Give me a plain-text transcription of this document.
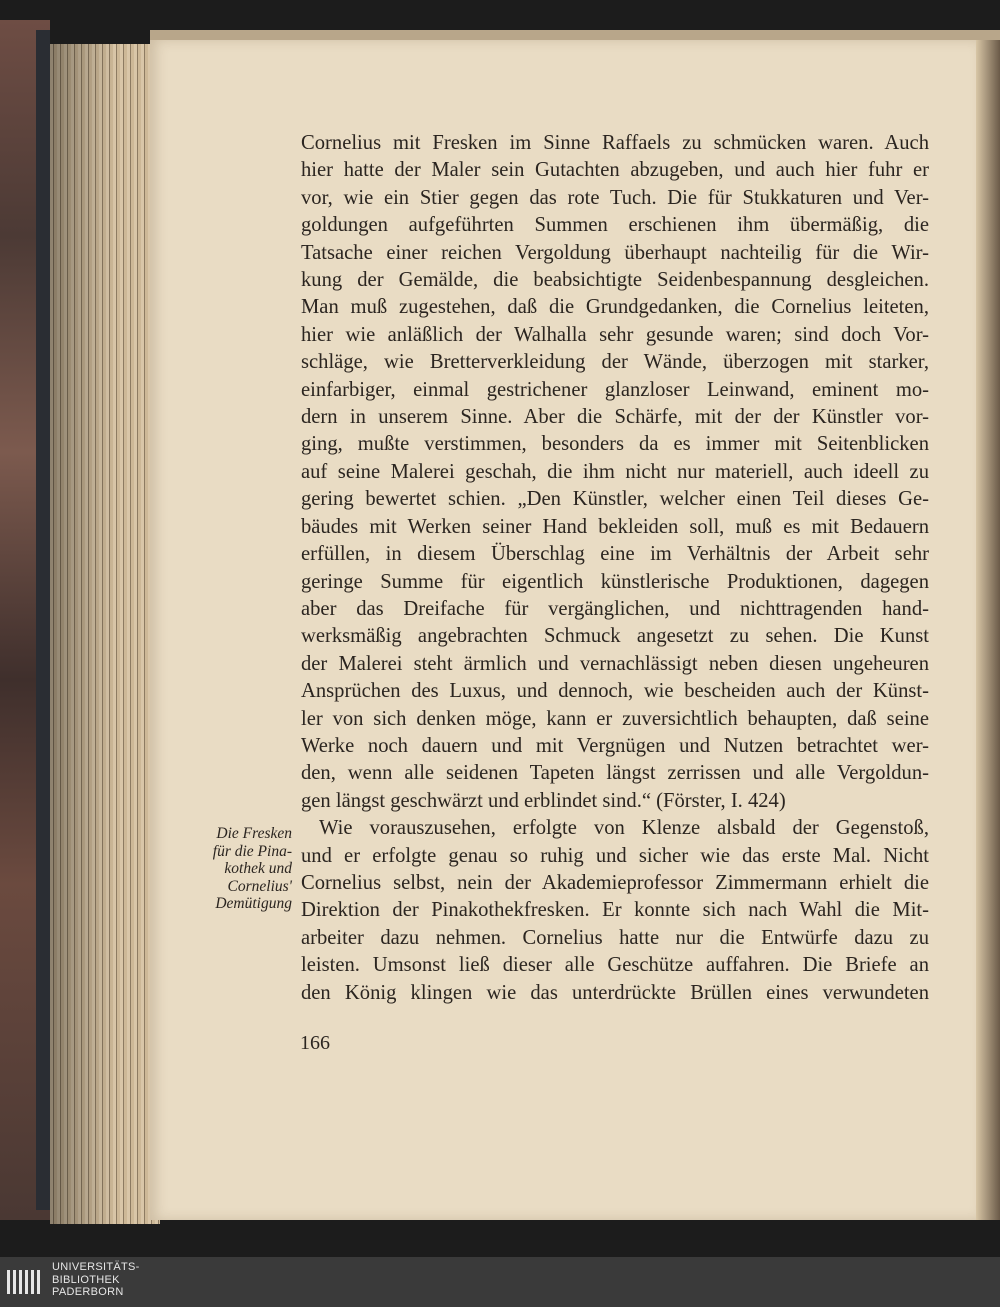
Cornelius mit Fresken im Sinne Raffaels zu schmücken waren. Auch
hier hatte der Maler sein Gutachten abzugeben, und auch hier fuhr er
vor, wie ein Stier gegen das rote Tuch. Die für Stukkaturen und Ver-
goldungen aufgeführten Summen erschienen ihm übermäßig, die
Tatsache einer reichen Vergoldung überhaupt nachteilig für die Wir-
kung der Gemälde, die beabsichtigte Seidenbespannung desgleichen.
Man muß zugestehen, daß die Grundgedanken, die Cornelius leiteten,
hier wie anläßlich der Walhalla sehr gesunde waren; sind doch Vor-
schläge, wie Bretterverkleidung der Wände, überzogen mit starker,
einfarbiger, einmal gestrichener glanzloser Leinwand, eminent mo-
dern in unserem Sinne. Aber die Schärfe, mit der der Künstler vor-
ging, mußte verstimmen, besonders da es immer mit Seitenblicken
auf seine Malerei geschah, die ihm nicht nur materiell, auch ideell zu
gering bewertet schien. „Den Künstler, welcher einen Teil dieses Ge-
bäudes mit Werken seiner Hand bekleiden soll, muß es mit Bedauern
erfüllen, in diesem Überschlag eine im Verhältnis der Arbeit sehr
geringe Summe für eigentlich künstlerische Produktionen, dagegen
aber das Dreifache für vergänglichen, und nichttragenden hand-
werksmäßig angebrachten Schmuck angesetzt zu sehen. Die Kunst
der Malerei steht ärmlich und vernachlässigt neben diesen ungeheuren
Ansprüchen des Luxus, und dennoch, wie bescheiden auch der Künst-
ler von sich denken möge, kann er zuversichtlich behaupten, daß seine
Werke noch dauern und mit Vergnügen und Nutzen betrachtet wer-
den, wenn alle seidenen Tapeten längst zerrissen und alle Vergoldun-
gen längst geschwärzt und erblindet sind.“ (Förster, I. 424)
Wie vorauszusehen, erfolgte von Klenze alsbald der Gegenstoß,
und er erfolgte genau so ruhig und sicher wie das erste Mal. Nicht
Cornelius selbst, nein der Akademieprofessor Zimmermann erhielt die
Direktion der Pinakothekfresken. Er konnte sich nach Wahl die Mit-
arbeiter dazu nehmen. Cornelius hatte nur die Entwürfe dazu zu
leisten. Umsonst ließ dieser alle Geschütze auffahren. Die Briefe an
den König klingen wie das unterdrückte Brüllen eines verwundeten
Die Fresken
für die Pina-
kothek und
Cornelius'
Demütigung
166
UNIVERSITÄTS-
BIBLIOTHEK
PADERBORN
